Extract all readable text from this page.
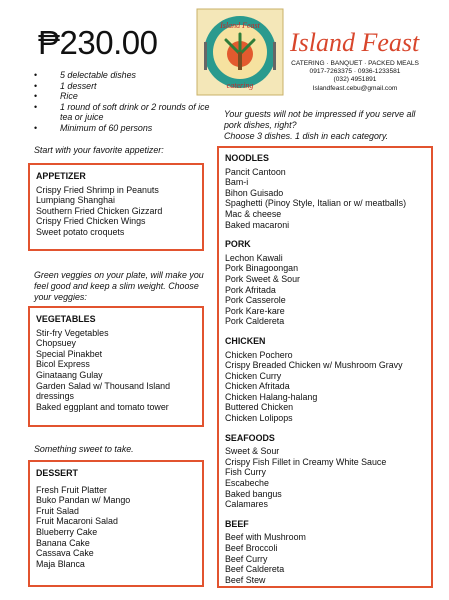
₱230.00	Island Feast
catering
Island Feast
CATERING · BANQUET · PACKED MEALS
0917-7263375 · 0936-1233581
(032) 4951891
Islandfeast.cebu@gmail.com
• 5 delectable dishes
• 1 dessert
• Rice
• 1 round of soft drink or 2 rounds of ice tea or juice
• Minimum of 60 persons
Your guests will not be impressed if you serve all pork dishes, right?
Choose 3 dishes. 1 dish in each category.
Start with your favorite appetizer:
APPETIZER
Crispy Fried Shrimp in Peanuts
Lumpiang Shanghai
Southern Fried Chicken Gizzard
Crispy Fried Chicken Wings
Sweet potato croquets
Green veggies on your plate, will make you feel good and keep a slim weight. Choose your veggies:
VEGETABLES
Stir-fry Vegetables
Chopsuey
Special Pinakbet
Bicol Express
Ginataang Gulay
Garden Salad w/ Thousand Island dressings
Baked eggplant and tomato tower
Something sweet to take.
DESSERT
Fresh Fruit Platter
Buko Pandan w/ Mango
Fruit Salad
Fruit Macaroni Salad
Blueberry Cake
Banana Cake
Cassava Cake
Maja Blanca
NOODLES
Pancit Cantoon
Bam-i
Bihon Guisado
Spaghetti (Pinoy Style, Italian or w/ meatballs)
Mac & cheese
Baked macaroni
PORK
Lechon Kawali
Pork Binagoongan
Pork Sweet & Sour
Pork Afritada
Pork Casserole
Pork Kare-kare
Pork Caldereta
CHICKEN
Chicken Pochero
Crispy Breaded Chicken w/ Mushroom Gravy
Chicken Curry
Chicken Afritada
Chicken Halang-halang
Buttered Chicken
Chicken Lolipops
SEAFOODS
Sweet & Sour
Crispy Fish Fillet in Creamy White Sauce
Fish Curry
Escabeche
Baked bangus
Calamares
BEEF
Beef with Mushroom
Beef Broccoli
Beef Curry
Beef Caldereta
Beef Stew
